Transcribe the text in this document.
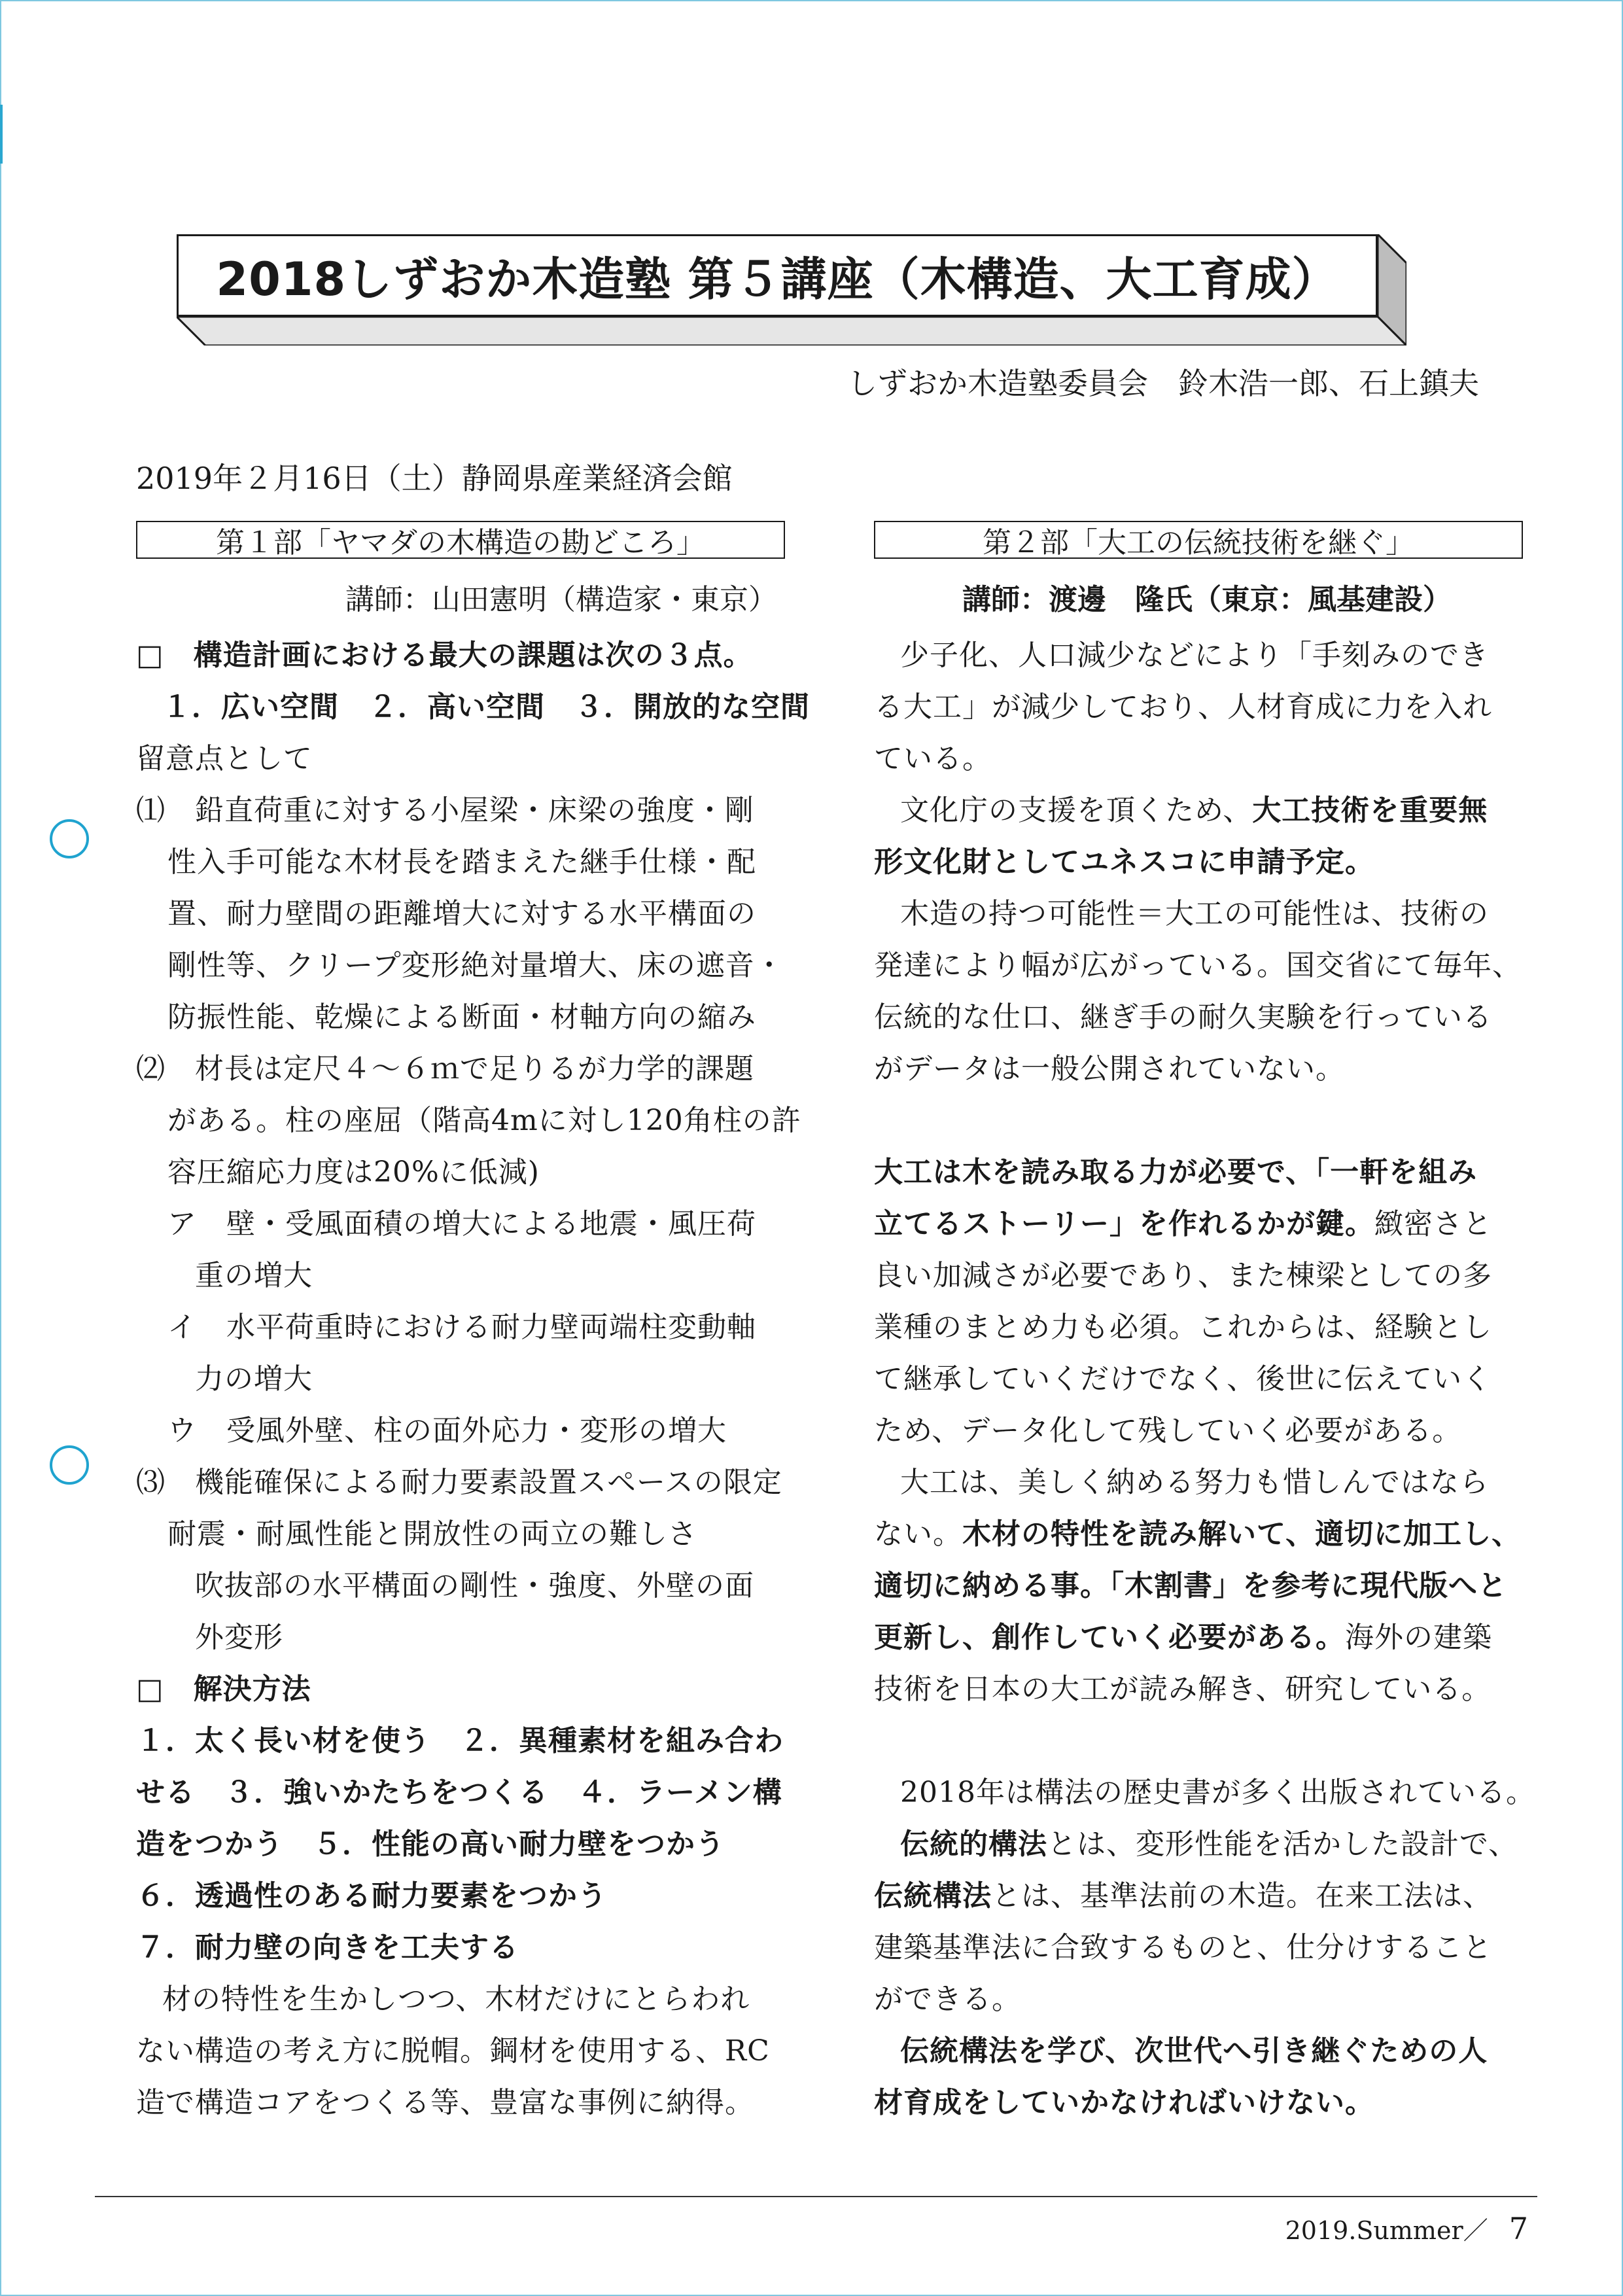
2018しずおか木造塾 第５講座（木構造、大工育成）
しずおか木造塾委員会　鈴木浩一郎、石上鎮夫
2019年２月16日（土）静岡県産業経済会館
第１部「ヤマダの木構造の勘どころ」
講師：山田憲明（構造家・東京）
□　構造計画における最大の課題は次の３点。
１．広い空間　２．高い空間　３．開放的な空間
留意点として
⑴　鉛直荷重に対する小屋梁・床梁の強度・剛
性入手可能な木材長を踏まえた継手仕様・配
置、耐力壁間の距離増大に対する水平構面の
剛性等、クリープ変形絶対量増大、床の遮音・
防振性能、乾燥による断面・材軸方向の縮み
⑵　材長は定尺４～６ｍで足りるが力学的課題
がある。柱の座屈（階高4mに対し120角柱の許
容圧縮応力度は20%に低減)
ア　壁・受風面積の増大による地震・風圧荷
重の増大
イ　水平荷重時における耐力壁両端柱変動軸
力の増大
ウ　受風外壁、柱の面外応力・変形の増大
⑶　機能確保による耐力要素設置スペースの限定
耐震・耐風性能と開放性の両立の難しさ
吹抜部の水平構面の剛性・強度、外壁の面
外変形
□　解決方法
１．太く長い材を使う　２．異種素材を組み合わ
せる　３．強いかたちをつくる　４．ラーメン構
造をつかう　５．性能の高い耐力壁をつかう
６．透過性のある耐力要素をつかう
７．耐力壁の向きを工夫する
材の特性を生かしつつ、木材だけにとらわれ
ない構造の考え方に脱帽。鋼材を使用する、RC
造で構造コアをつくる等、豊富な事例に納得。
第２部「大工の伝統技術を継ぐ」
講師：渡邊　隆氏（東京：風基建設）
少子化、人口減少などにより「手刻みのでき
る大工」が減少しており、人材育成に力を入れ
ている。
文化庁の支援を頂くため、大工技術を重要無
形文化財としてユネスコに申請予定。
木造の持つ可能性＝大工の可能性は、技術の
発達により幅が広がっている。国交省にて毎年、
伝統的な仕口、継ぎ手の耐久実験を行っている
がデータは一般公開されていない。
大工は木を読み取る力が必要で、「一軒を組み
立てるストーリー」を作れるかが鍵。緻密さと
良い加減さが必要であり、また棟梁としての多
業種のまとめ力も必須。これからは、経験とし
て継承していくだけでなく、後世に伝えていく
ため、データ化して残していく必要がある。
大工は、美しく納める努力も惜しんではなら
ない。木材の特性を読み解いて、適切に加工し、
適切に納める事。「木割書」を参考に現代版へと
更新し、創作していく必要がある。海外の建築
技術を日本の大工が読み解き、研究している。
2018年は構法の歴史書が多く出版されている。
伝統的構法とは、変形性能を活かした設計で、
伝統構法とは、基準法前の木造。在来工法は、
建築基準法に合致するものと、仕分けすること
ができる。
伝統構法を学び、次世代へ引き継ぐための人
材育成をしていかなければいけない。
2019.Summer／ 7
